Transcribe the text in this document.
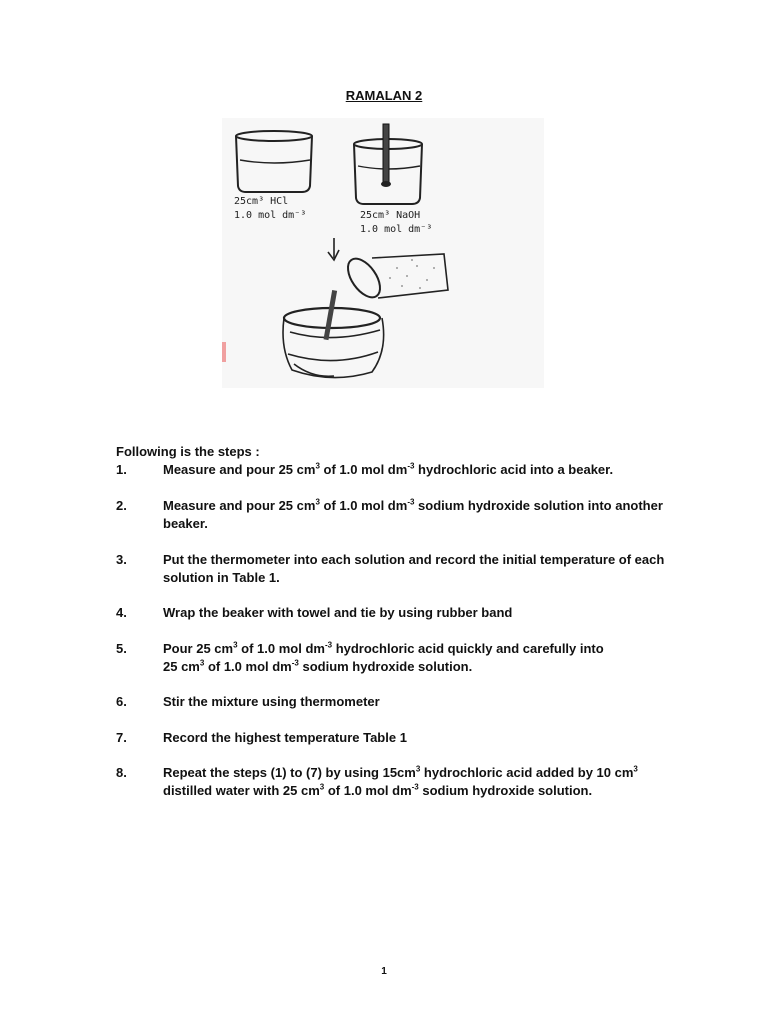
RAMALAN 2
25cm³ HCl
1.0 mol dm⁻³	25cm³ NaOH
1.0 mol dm⁻³
Following is the steps :
1.	Measure and pour 25 $cm^3$ of 1.0 mol $dm^{-3}$ hydrochloric acid into a beaker.
2.	Measure and pour 25 $cm^3$ of 1.0 mol $dm^{-3}$ sodium hydroxide solution into another beaker.
3.	Put the thermometer into each solution and record the initial temperature of each solution in Table 1.
4.	Wrap the beaker with towel and tie by using rubber band
5.	Pour 25 $cm^3$ of 1.0 mol $dm^{-3}$ hydrochloric acid quickly and carefully into
25 $cm^3$ of 1.0 mol $dm^{-3}$ sodium hydroxide solution.
6.	Stir the mixture using thermometer
7.	Record the highest temperature Table 1
8.	Repeat the steps (1) to (7) by using $15cm^3$ hydrochloric acid added by 10 $cm^3$
distilled water with 25 $cm^3$ of 1.0 mol $dm^{-3}$ sodium hydroxide solution.
1
